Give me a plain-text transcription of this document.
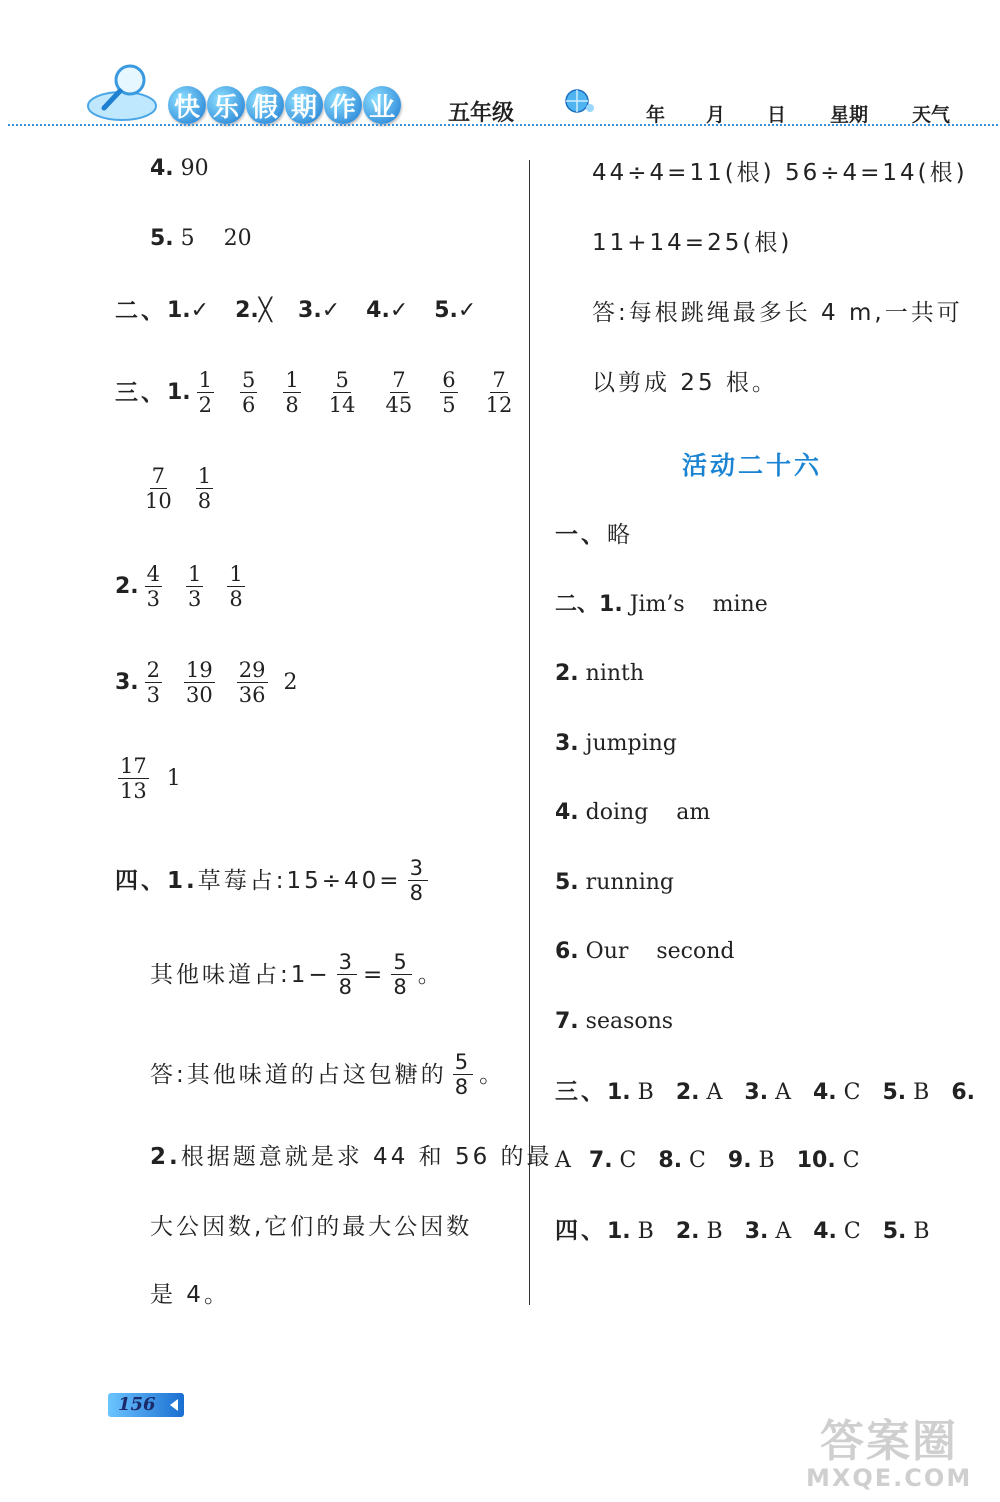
快 乐 假 期 作 业	五年级	年 月 日 星期 天气
4. 90
5. 5 20
二、 1. ✓ 2. ╳ 3. ✓ 4. ✓ 5. ✓
三、 1. $\frac{1}{2} \frac{5}{6} \frac{1}{8} \frac{5}{14} \frac{7}{45} \frac{6}{5} \frac{7}{12}$
$\frac{7}{10} \frac{1}{8}$
2. $\frac{4}{3} \frac{1}{3} \frac{1}{8}$
3. $\frac{2}{3} \frac{19}{30} \frac{29}{36} 2$
$\frac{17}{13} 1$
四、 1. 草莓占:15÷40= $\frac{3}{8}$
其他味道占:1− $\frac{3}{8} = \frac{5}{8}$ 。
答:其他味道的占这包糖的 $\frac{5}{8}$ 。
2.根据题意就是求 44 和 56 的最
大公因数,它们的最大公因数
是 4。
44÷4=11(根) 56÷4=14(根)
11+14=25(根)
答:每根跳绳最多长 4 m,一共可
以剪成 25 根。
活动二十六
一、略
二、1. Jim’s    mine
2. ninth
3. jumping
4. doing    am
5. running
6. Our    second
7. seasons
三、1. B 2. A 3. A 4. C 5. B 6.
A 7. C 8. C 9. B 10. C
四、1. B 2. B 3. A 4. C 5. B
156
答案圈
MXQE.COM
